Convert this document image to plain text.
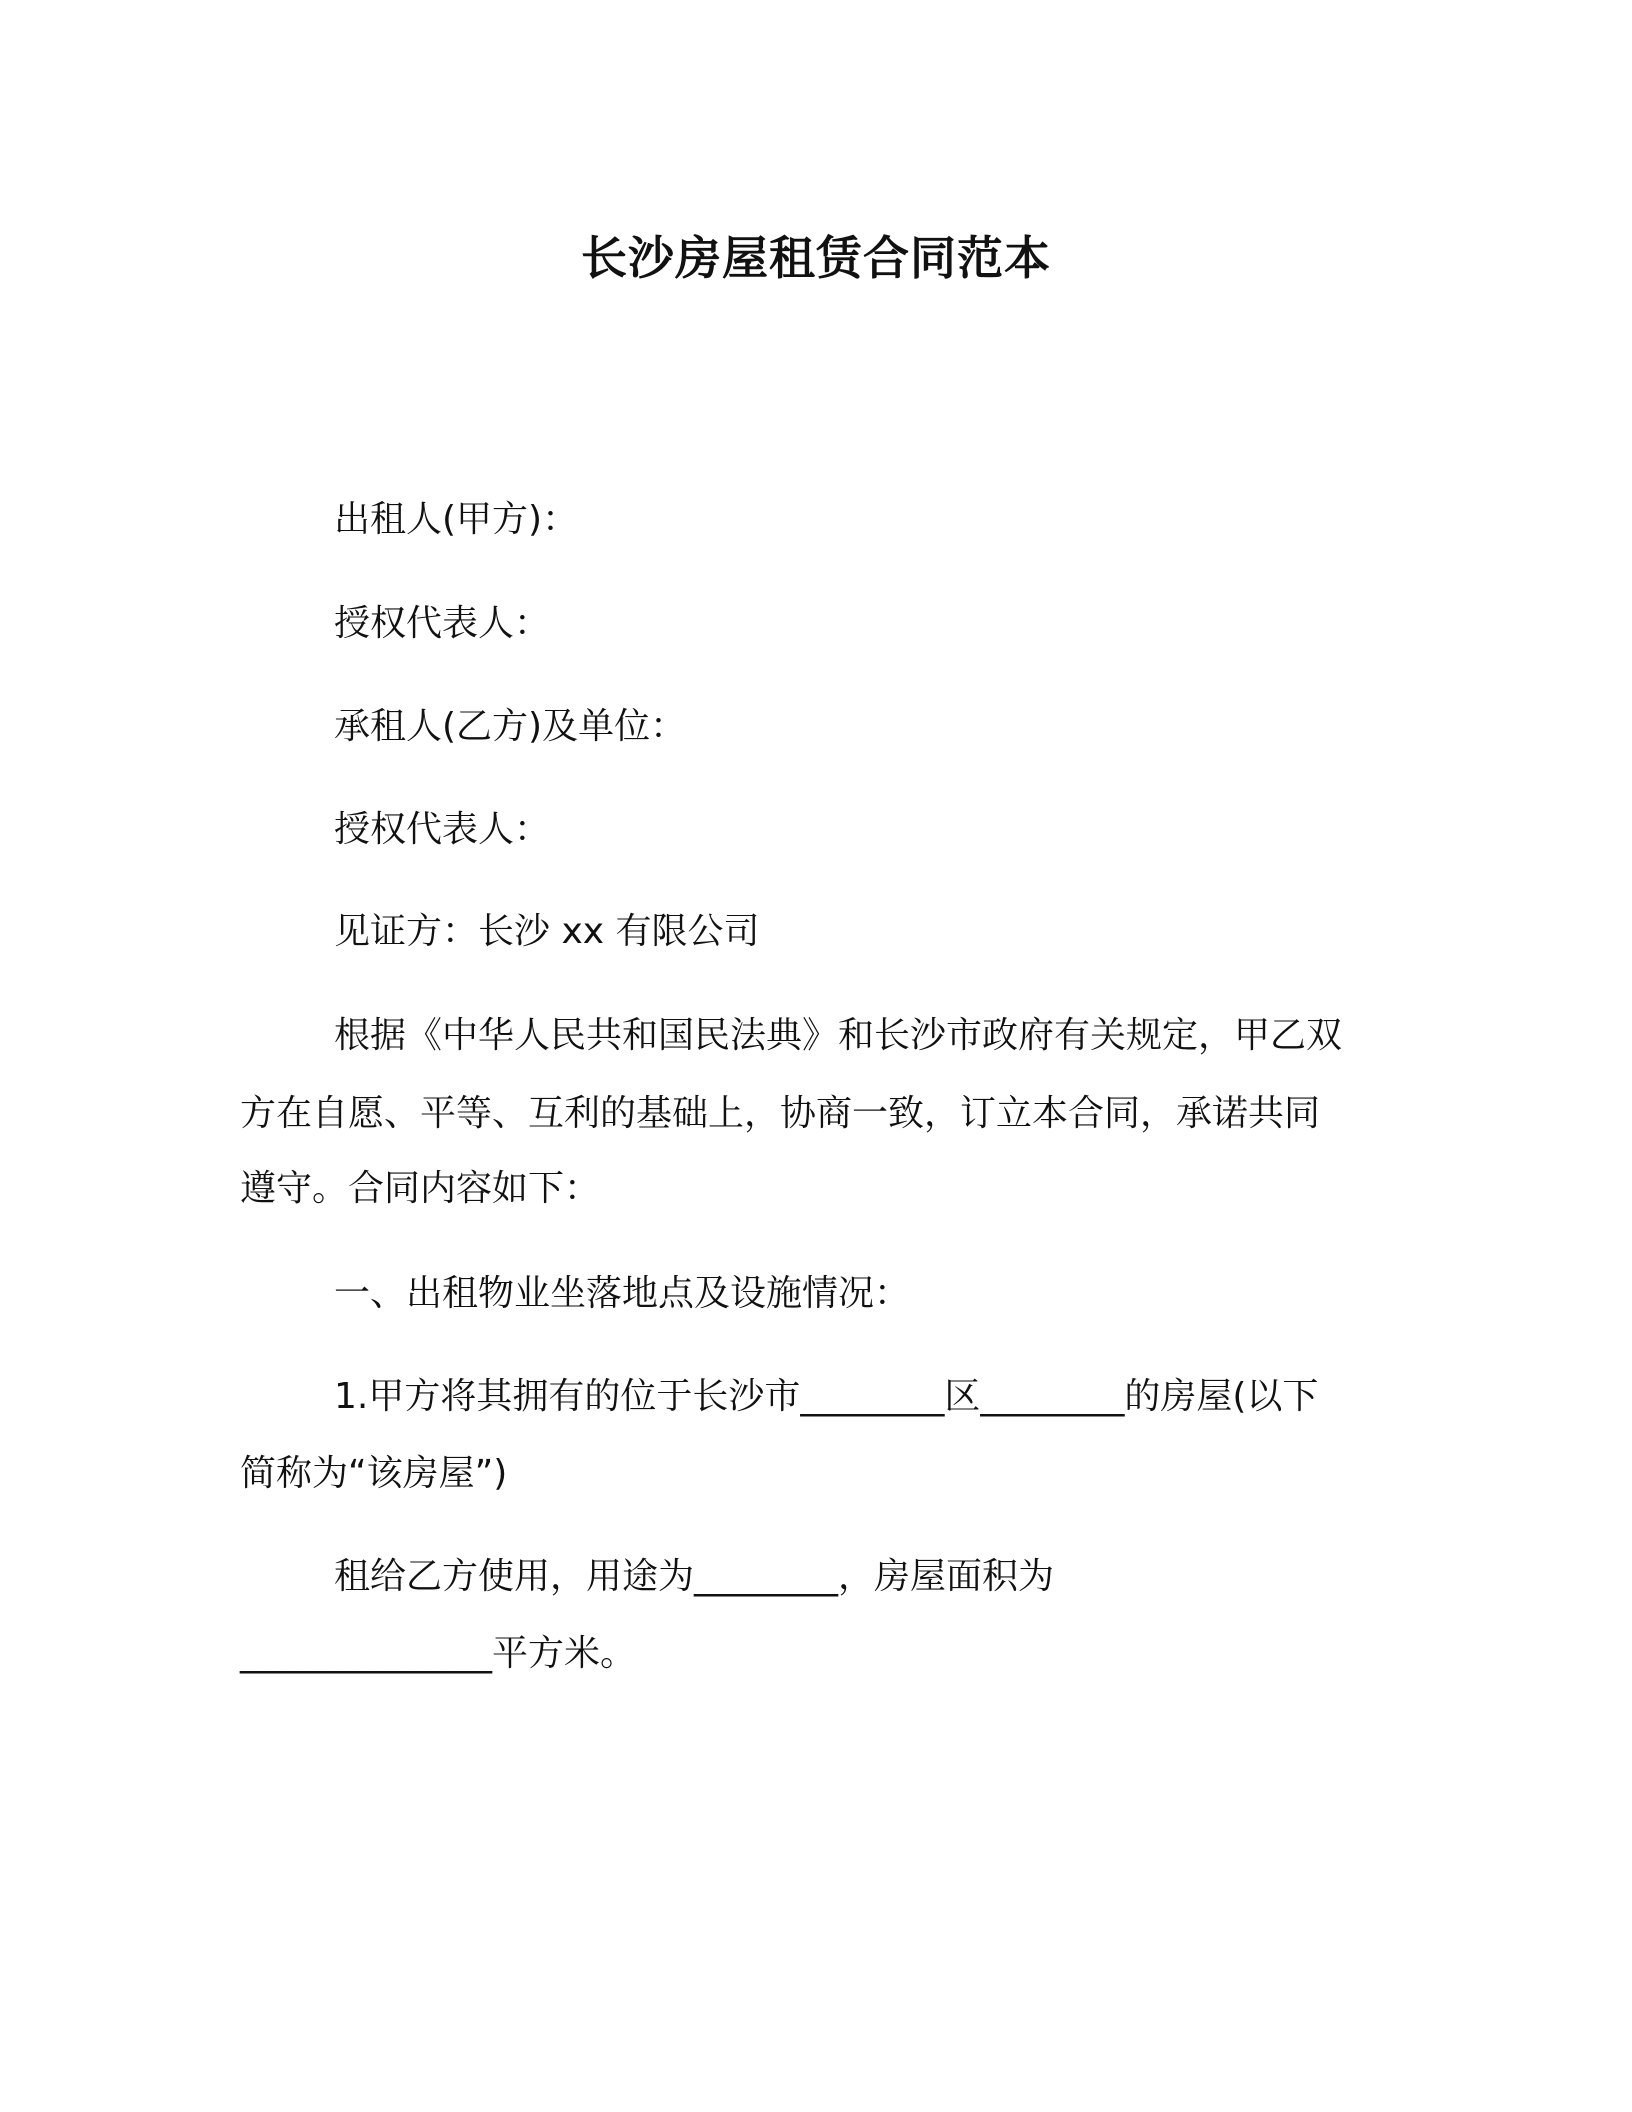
长沙房屋租赁合同范本

出租人(甲方)：

授权代表人：

承租人(乙方)及单位：

授权代表人：

见证方：长沙 xx 有限公司

根据《中华人民共和国民法典》和长沙市政府有关规定，甲乙双

方在自愿、平等、互利的基础上，协商一致，订立本合同，承诺共同

遵守。合同内容如下：

一、出租物业坐落地点及设施情况：

1.甲方将其拥有的位于长沙市________区________的房屋(以下

简称为“该房屋”)

租给乙方使用，用途为________，房屋面积为

______________平方米。
